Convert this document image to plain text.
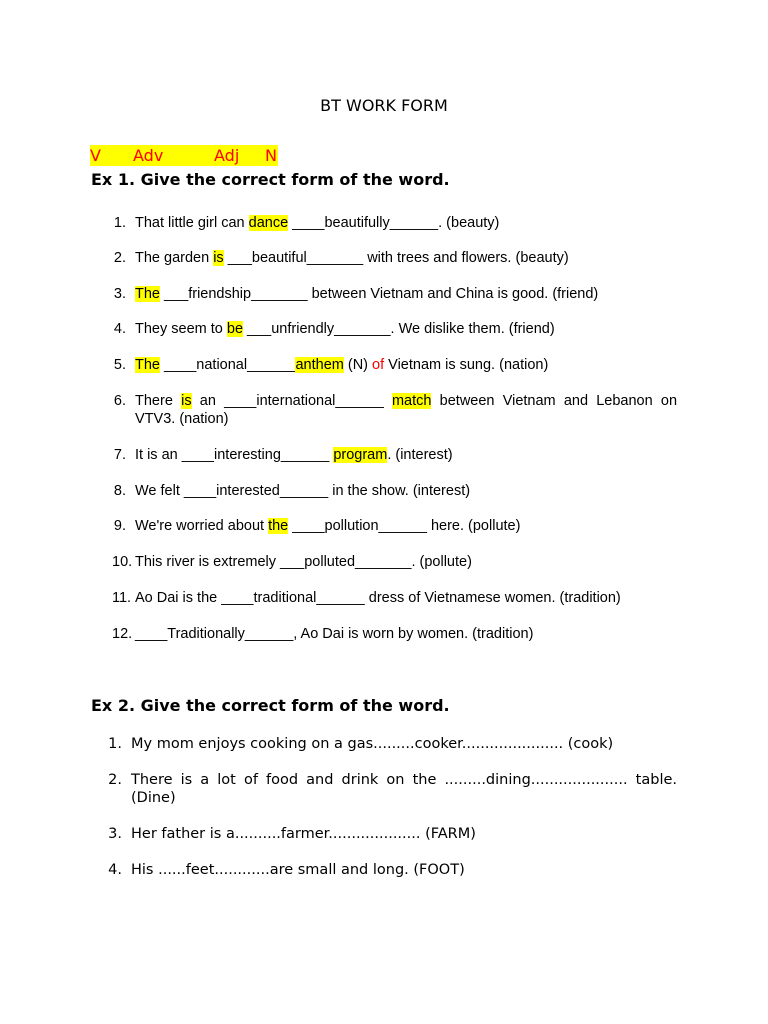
BT WORK FORM
V Adv	Adj N
Ex 1. Give the correct form of the word.
1. That little girl can dance ____beautifully______. (beauty)
2. The garden is ___beautiful_______ with trees and flowers. (beauty)
3. The ___friendship_______ between Vietnam and China is good. (friend)
4. They seem to be ___unfriendly_______. We dislike them. (friend)
5. The ____national______anthem (N) of Vietnam is sung. (nation)
6. There is an ____international______ match between Vietnam and Lebanon on VTV3. (nation)
7. It is an ____interesting______ program. (interest)
8. We felt ____interested______ in the show. (interest)
9. We're worried about the ____pollution______ here. (pollute)
10. This river is extremely ___polluted_______. (pollute)
11. Ao Dai is the ____traditional______ dress of Vietnamese women. (tradition)
12. ____Traditionally______, Ao Dai is worn by women. (tradition)
Ex 2. Give the correct form of the word.
1. My mom enjoys cooking on a gas.........cooker...................... (cook)
2. There is a lot of food and drink on the .........dining..................... table. (Dine)
3. Her father is a..........farmer.................... (FARM)
4. His ......feet............are small and long. (FOOT)
